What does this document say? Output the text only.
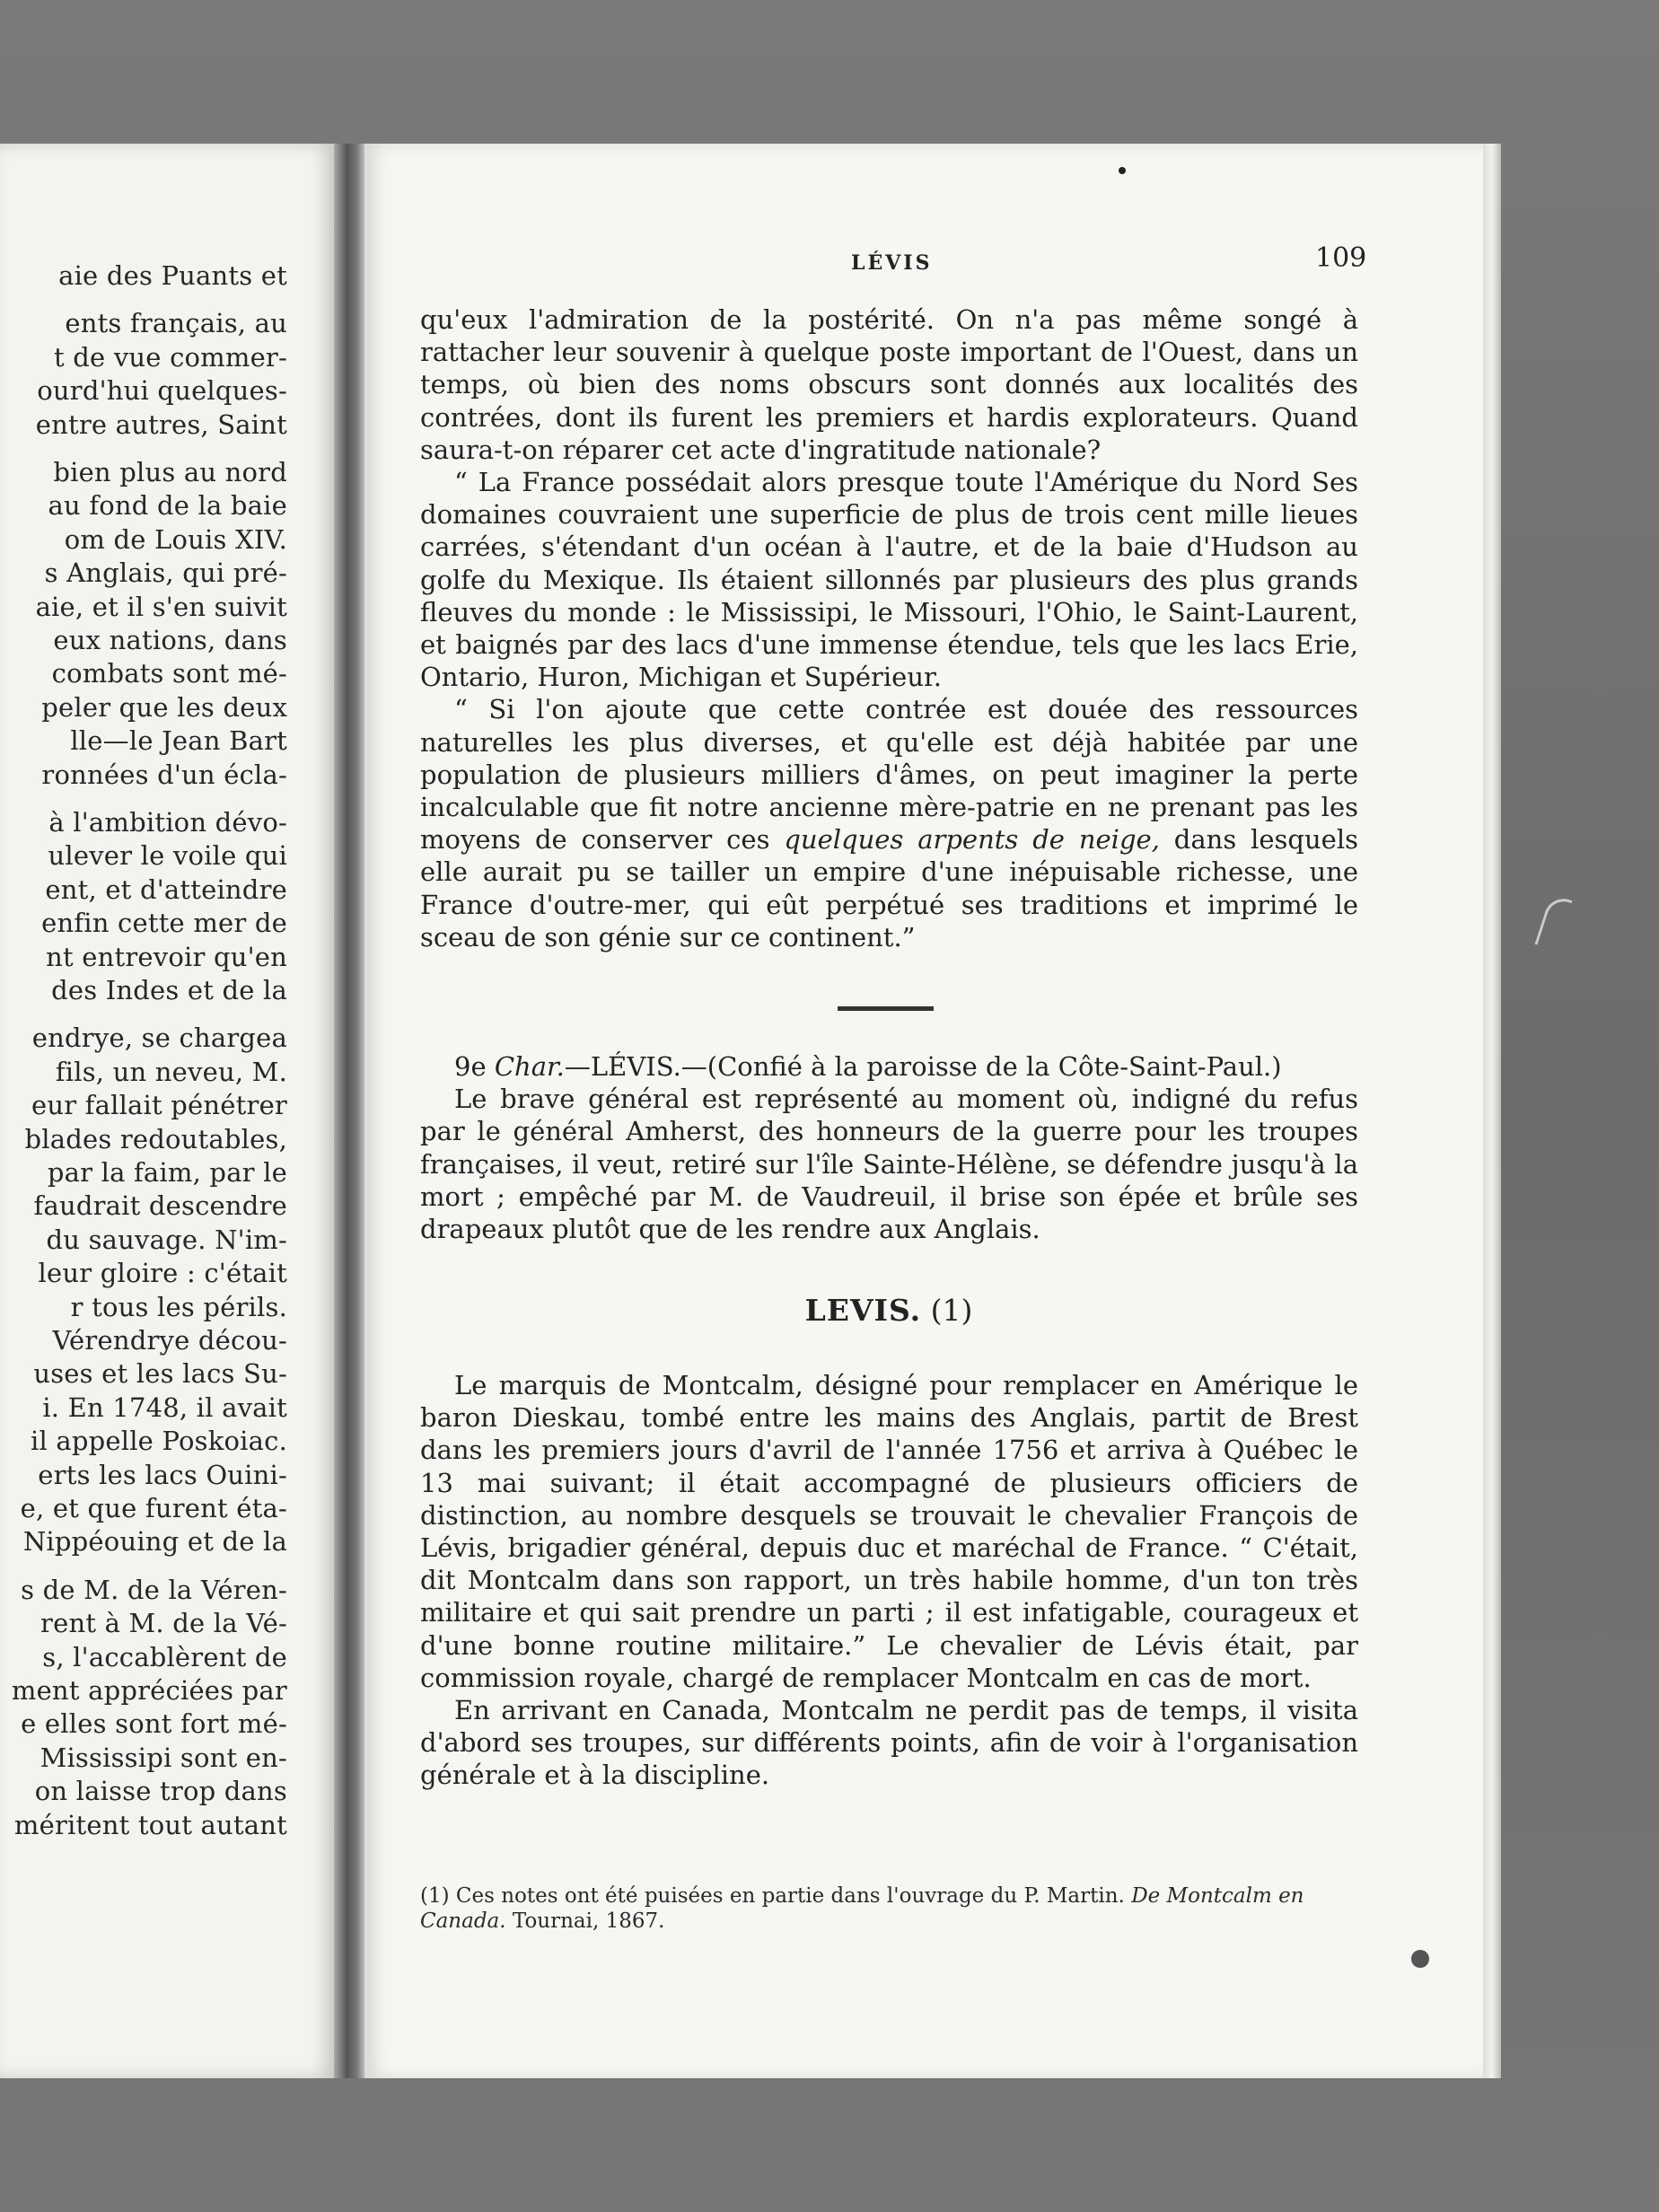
aie des Puants et
ents français, au
t de vue commer-
ourd'hui quelques-
entre autres, Saint
bien plus au nord
au fond de la baie
om de Louis XIV.
s Anglais, qui pré-
aie, et il s'en suivit
eux nations, dans
combats sont mé-
peler que les deux
lle—le Jean Bart
ronnées d'un écla-
à l'ambition dévo-
ulever le voile qui
ent, et d'atteindre
enfin cette mer de
nt entrevoir qu'en
des Indes et de la
endrye, se chargea
fils, un neveu, M.
eur fallait pénétrer
blades redoutables,
par la faim, par le
faudrait descendre
du sauvage. N'im-
leur gloire : c'était
r tous les périls.
Vérendrye décou-
uses et les lacs Su-
i. En 1748, il avait
il appelle Poskoiac.
erts les lacs Ouini-
e, et que furent éta-
Nippéouing et de la
s de M. de la Véren-
rent à M. de la Vé-
s, l'accablèrent de
ment appréciées par
e elles sont fort mé-
Mississipi sont en-
on laisse trop dans
méritent tout autant
LÉVIS	109

qu'eux l'admiration de la postérité. On n'a pas même songé à rattacher leur souvenir à quelque poste important de l'Ouest, dans un temps, où bien des noms obscurs sont donnés aux localités des contrées, dont ils furent les premiers et hardis explorateurs. Quand saura-t-on réparer cet acte d'ingratitude nationale?

“ La France possédait alors presque toute l'Amérique du Nord Ses domaines couvraient une superficie de plus de trois cent mille lieues carrées, s'étendant d'un océan à l'autre, et de la baie d'Hudson au golfe du Mexique. Ils étaient sillonnés par plusieurs des plus grands fleuves du monde : le Mississipi, le Missouri, l'Ohio, le Saint-Laurent, et baignés par des lacs d'une immense étendue, tels que les lacs Erie, Ontario, Huron, Michigan et Supérieur.

“ Si l'on ajoute que cette contrée est douée des ressources naturelles les plus diverses, et qu'elle est déjà habitée par une population de plusieurs milliers d'âmes, on peut imaginer la perte incalculable que fit notre ancienne mère-patrie en ne prenant pas les moyens de conserver ces quelques arpents de neige, dans lesquels elle aurait pu se tailler un empire d'une inépuisable richesse, une France d'outre-mer, qui eût perpétué ses traditions et imprimé le sceau de son génie sur ce continent.”

9e Char.—LÉVIS.—(Confié à la paroisse de la Côte-Saint-Paul.)

Le brave général est représenté au moment où, indigné du refus par le général Amherst, des honneurs de la guerre pour les troupes françaises, il veut, retiré sur l'île Sainte-Hélène, se défendre jusqu'à la mort ; empêché par M. de Vaudreuil, il brise son épée et brûle ses drapeaux plutôt que de les rendre aux Anglais.

LEVIS. (1)

Le marquis de Montcalm, désigné pour remplacer en Amérique le baron Dieskau, tombé entre les mains des Anglais, partit de Brest dans les premiers jours d'avril de l'année 1756 et arriva à Québec le 13 mai suivant; il était accompagné de plusieurs officiers de distinction, au nombre desquels se trouvait le chevalier François de Lévis, brigadier général, depuis duc et maréchal de France. “ C'était, dit Montcalm dans son rapport, un très habile homme, d'un ton très militaire et qui sait prendre un parti ; il est infatigable, courageux et d'une bonne routine militaire.” Le chevalier de Lévis était, par commission royale, chargé de remplacer Montcalm en cas de mort.

En arrivant en Canada, Montcalm ne perdit pas de temps, il visita d'abord ses troupes, sur différents points, afin de voir à l'organisation générale et à la discipline.

(1) Ces notes ont été puisées en partie dans l'ouvrage du P. Martin. De Montcalm en Canada. Tournai, 1867.
